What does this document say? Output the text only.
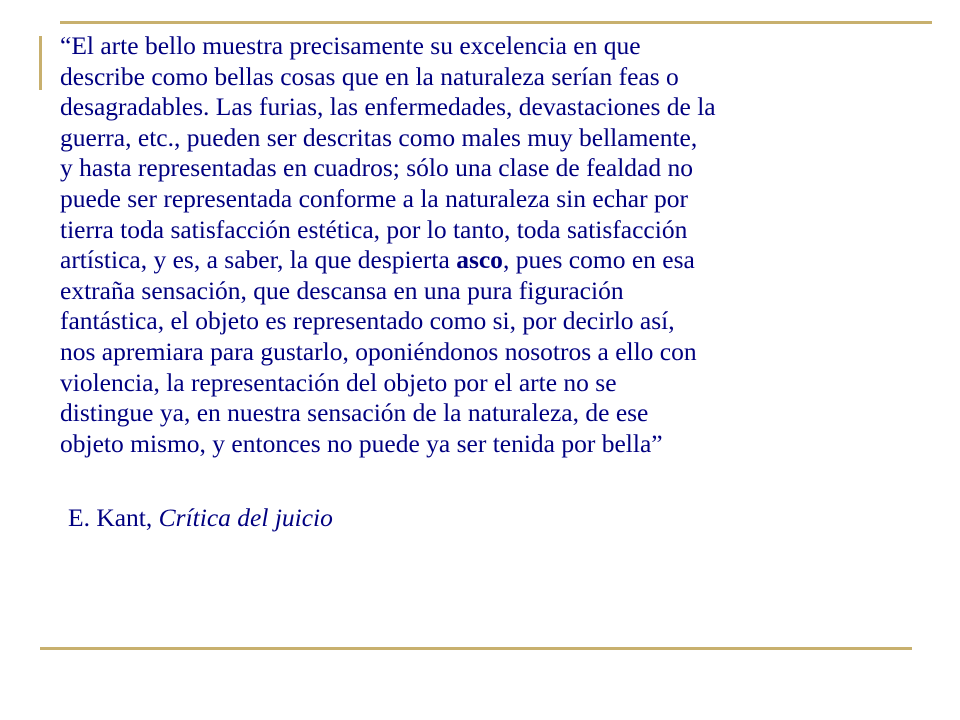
“El arte bello muestra precisamente su excelencia en que
describe como bellas cosas que en la naturaleza serían feas o
desagradables. Las furias, las enfermedades, devastaciones de la
guerra, etc., pueden ser descritas como males muy bellamente,
y hasta representadas en cuadros; sólo una clase de fealdad no
puede ser representada conforme a la naturaleza sin echar por
tierra toda satisfacción estética, por lo tanto, toda satisfacción
artística, y es, a saber, la que despierta asco, pues como en esa
extraña sensación, que descansa en una pura figuración
fantástica, el objeto es representado como si, por decirlo así,
nos apremiara para gustarlo, oponiéndonos nosotros a ello con
violencia, la representación del objeto por el arte no se
distingue ya, en nuestra sensación de la naturaleza, de ese
objeto mismo, y entonces no puede ya ser tenida por bella”

E. Kant, Crítica del juicio
